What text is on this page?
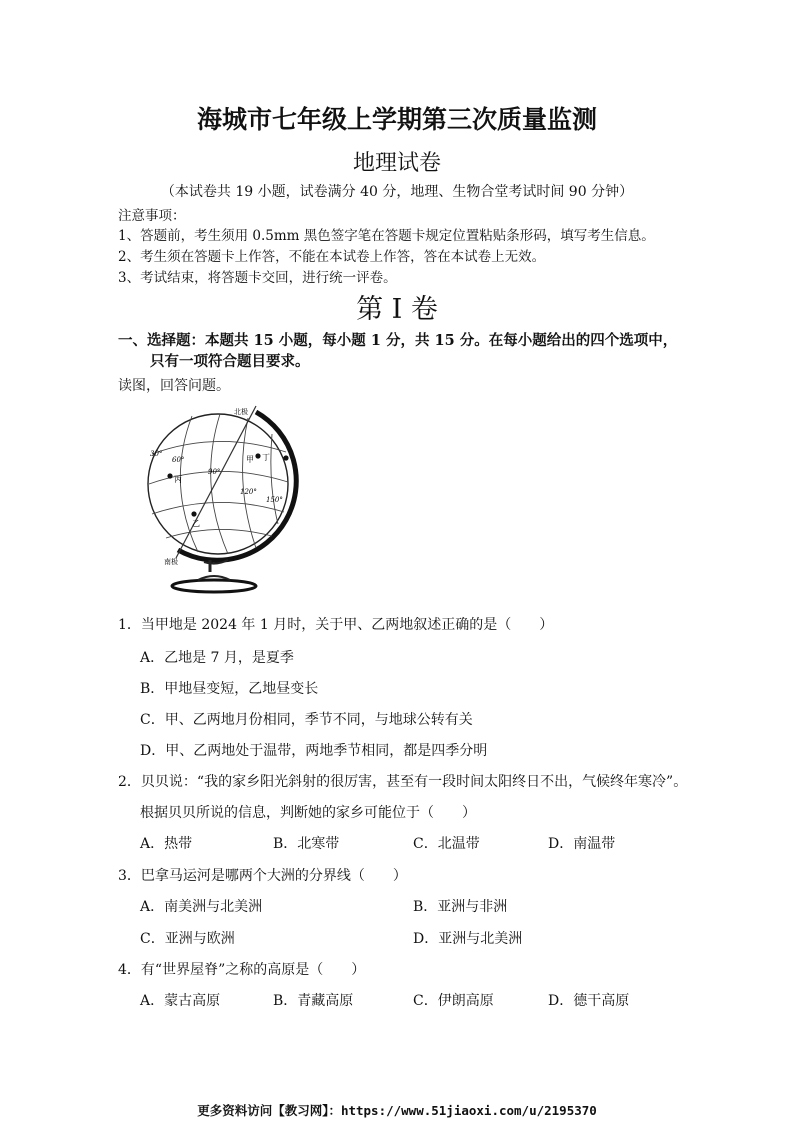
海城市七年级上学期第三次质量监测
地理试卷
（本试卷共 19 小题，试卷满分 40 分，地理、生物合堂考试时间 90 分钟）
注意事项：
1、答题前，考生须用 0.5mm 黑色签字笔在答题卡规定位置粘贴条形码，填写考生信息。
2、考生须在答题卡上作答，不能在本试卷上作答，答在本试卷上无效。
3、考试结束，将答题卡交回，进行统一评卷。
第 I 卷
一、选择题：本题共 15 小题，每小题 1 分，共 15 分。在每小题给出的四个选项中，
只有一项符合题目要求。
读图，回答问题。
北极
南极
30°
60°
90°
120°
150°
甲 丁
丙
乙
1．当甲地是 2024 年 1 月时，关于甲、乙两地叙述正确的是（　　）
A．乙地是 7 月，是夏季
B．甲地昼变短，乙地昼变长
C．甲、乙两地月份相同，季节不同，与地球公转有关
D．甲、乙两地处于温带，两地季节相同，都是四季分明
2．贝贝说：“我的家乡阳光斜射的很厉害，甚至有一段时间太阳终日不出，气候终年寒冷”。
根据贝贝所说的信息，判断她的家乡可能位于（　　）
A．热带	B．北寒带	C．北温带	D．南温带
3．巴拿马运河是哪两个大洲的分界线（　　）
A．南美洲与北美洲	B．亚洲与非洲
C．亚洲与欧洲	D．亚洲与北美洲
4．有“世界屋脊”之称的高原是（　　）
A．蒙古高原	B．青藏高原	C．伊朗高原	D．德干高原
更多资料访问【教习网】：https://www.51jiaoxi.com/u/2195370
